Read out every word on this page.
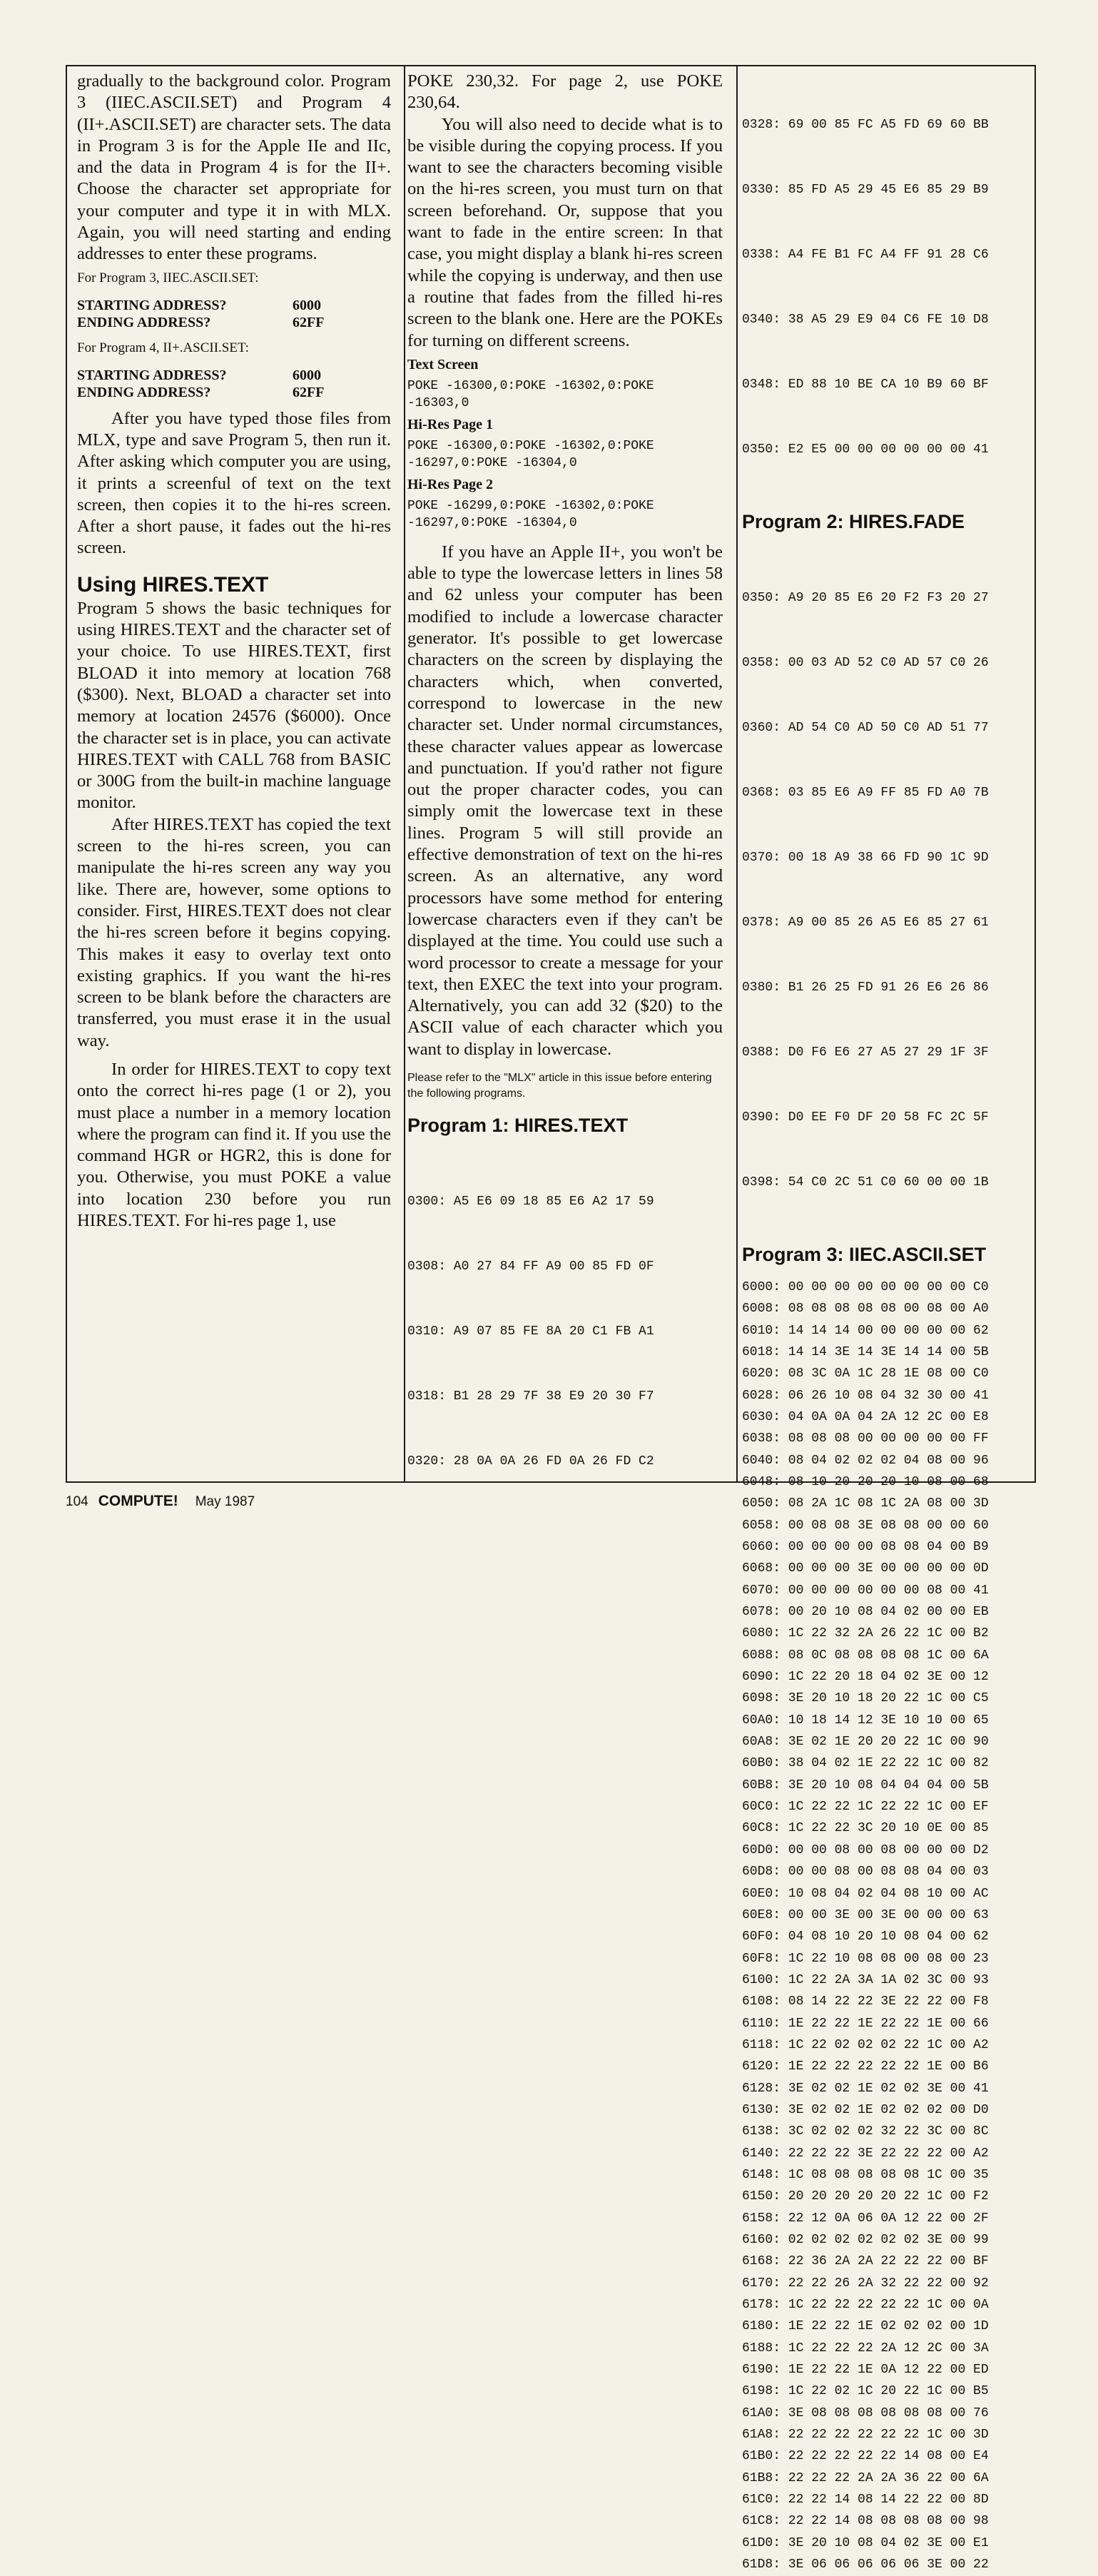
gradually to the background color. Program 3 (IIEC.ASCII.SET) and Program 4 (II+.ASCII.SET) are character sets. The data in Program 3 is for the Apple IIe and IIc, and the data in Program 4 is for the II+. Choose the character set appropriate for your computer and type it in with MLX. Again, you will need starting and ending addresses to enter these programs.

For Program 3, IIEC.ASCII.SET:

STARTING ADDRESS?	6000
ENDING ADDRESS?	62FF

For Program 4, II+.ASCII.SET:

STARTING ADDRESS?	6000
ENDING ADDRESS?	62FF

After you have typed those files from MLX, type and save Program 5, then run it. After asking which computer you are using, it prints a screenful of text on the text screen, then copies it to the hi-res screen. After a short pause, it fades out the hi-res screen.

Using HIRES.TEXT

Program 5 shows the basic techniques for using HIRES.TEXT and the character set of your choice. To use HIRES.TEXT, first BLOAD it into memory at location 768 ($300). Next, BLOAD a character set into memory at location 24576 ($6000). Once the character set is in place, you can activate HIRES.TEXT with CALL 768 from BASIC or 300G from the built-in machine language monitor.

After HIRES.TEXT has copied the text screen to the hi-res screen, you can manipulate the hi-res screen any way you like. There are, however, some options to consider. First, HIRES.TEXT does not clear the hi-res screen before it begins copying. This makes it easy to overlay text onto existing graphics. If you want the hi-res screen to be blank before the characters are transferred, you must erase it in the usual way.

In order for HIRES.TEXT to copy text onto the correct hi-res page (1 or 2), you must place a number in a memory location where the program can find it. If you use the command HGR or HGR2, this is done for you. Otherwise, you must POKE a value into location 230 before you run HIRES.TEXT. For hi-res page 1, use

POKE 230,32. For page 2, use POKE 230,64.

You will also need to decide what is to be visible during the copying process. If you want to see the characters becoming visible on the hi-res screen, you must turn on that screen beforehand. Or, suppose that you want to fade in the entire screen: In that case, you might display a blank hi-res screen while the copying is underway, and then use a routine that fades from the filled hi-res screen to the blank one. Here are the POKEs for turning on different screens.

Text Screen
POKE -16300,0:POKE -16302,0:POKE -16303,0
Hi-Res Page 1
POKE -16300,0:POKE -16302,0:POKE -16297,0:POKE -16304,0
Hi-Res Page 2
POKE -16299,0:POKE -16302,0:POKE -16297,0:POKE -16304,0

If you have an Apple II+, you won't be able to type the lowercase letters in lines 58 and 62 unless your computer has been modified to include a lowercase character generator. It's possible to get lowercase characters on the screen by displaying the characters which, when converted, correspond to lowercase in the new character set. Under normal circumstances, these character values appear as lowercase and punctuation. If you'd rather not figure out the proper character codes, you can simply omit the lowercase text in these lines. Program 5 will still provide an effective demonstration of text on the hi-res screen. As an alternative, any word processors have some method for entering lowercase characters even if they can't be displayed at the time. You could use such a word processor to create a message for your text, then EXEC the text into your program. Alternatively, you can add 32 ($20) to the ASCII value of each character which you want to display in lowercase.

Please refer to the "MLX" article in this issue before entering the following programs.

Program 1: HIRES.TEXT

0300: A5 E6 09 18 85 E6 A2 17 59

0308: A0 27 84 FF A9 00 85 FD 0F

0310: A9 07 85 FE 8A 20 C1 FB A1

0318: B1 28 29 7F 38 E9 20 30 F7

0320: 28 0A 0A 26 FD 0A 26 FD C2

0328: 69 00 85 FC A5 FD 69 60 BB

0330: 85 FD A5 29 45 E6 85 29 B9

0338: A4 FE B1 FC A4 FF 91 28 C6

0340: 38 A5 29 E9 04 C6 FE 10 D8

0348: ED 88 10 BE CA 10 B9 60 BF

0350: E2 E5 00 00 00 00 00 00 41

Program 2: HIRES.FADE

0350: A9 20 85 E6 20 F2 F3 20 27

0358: 00 03 AD 52 C0 AD 57 C0 26

0360: AD 54 C0 AD 50 C0 AD 51 77

0368: 03 85 E6 A9 FF 85 FD A0 7B

0370: 00 18 A9 38 66 FD 90 1C 9D

0378: A9 00 85 26 A5 E6 85 27 61

0380: B1 26 25 FD 91 26 E6 26 86

0388: D0 F6 E6 27 A5 27 29 1F 3F

0390: D0 EE F0 DF 20 58 FC 2C 5F

0398: 54 C0 2C 51 C0 60 00 00 1B

Program 3: IIEC.ASCII.SET
6000: 00 00 00 00 00 00 00 00 C0
6008: 08 08 08 08 08 00 08 00 A0
6010: 14 14 14 00 00 00 00 00 62
6018: 14 14 3E 14 3E 14 14 00 5B
6020: 08 3C 0A 1C 28 1E 08 00 C0
6028: 06 26 10 08 04 32 30 00 41
6030: 04 0A 0A 04 2A 12 2C 00 E8
6038: 08 08 08 00 00 00 00 00 FF
6040: 08 04 02 02 02 04 08 00 96
6048: 08 10 20 20 20 10 08 00 68
6050: 08 2A 1C 08 1C 2A 08 00 3D
6058: 00 08 08 3E 08 08 00 00 60
6060: 00 00 00 00 08 08 04 00 B9
6068: 00 00 00 3E 00 00 00 00 0D
6070: 00 00 00 00 00 00 08 00 41
6078: 00 20 10 08 04 02 00 00 EB
6080: 1C 22 32 2A 26 22 1C 00 B2
6088: 08 0C 08 08 08 08 1C 00 6A
6090: 1C 22 20 18 04 02 3E 00 12
6098: 3E 20 10 18 20 22 1C 00 C5
60A0: 10 18 14 12 3E 10 10 00 65
60A8: 3E 02 1E 20 20 22 1C 00 90
60B0: 38 04 02 1E 22 22 1C 00 82
60B8: 3E 20 10 08 04 04 04 00 5B
60C0: 1C 22 22 1C 22 22 1C 00 EF
60C8: 1C 22 22 3C 20 10 0E 00 85
60D0: 00 00 08 00 08 00 00 00 D2
60D8: 00 00 08 00 08 08 04 00 03
60E0: 10 08 04 02 04 08 10 00 AC
60E8: 00 00 3E 00 3E 00 00 00 63
60F0: 04 08 10 20 10 08 04 00 62
60F8: 1C 22 10 08 08 00 08 00 23
6100: 1C 22 2A 3A 1A 02 3C 00 93
6108: 08 14 22 22 3E 22 22 00 F8
6110: 1E 22 22 1E 22 22 1E 00 66
6118: 1C 22 02 02 02 22 1C 00 A2
6120: 1E 22 22 22 22 22 1E 00 B6
6128: 3E 02 02 1E 02 02 3E 00 41
6130: 3E 02 02 1E 02 02 02 00 D0
6138: 3C 02 02 02 32 22 3C 00 8C
6140: 22 22 22 3E 22 22 22 00 A2
6148: 1C 08 08 08 08 08 1C 00 35
6150: 20 20 20 20 20 22 1C 00 F2
6158: 22 12 0A 06 0A 12 22 00 2F
6160: 02 02 02 02 02 02 3E 00 99
6168: 22 36 2A 2A 22 22 22 00 BF
6170: 22 22 26 2A 32 22 22 00 92
6178: 1C 22 22 22 22 22 1C 00 0A
6180: 1E 22 22 1E 02 02 02 00 1D
6188: 1C 22 22 22 2A 12 2C 00 3A
6190: 1E 22 22 1E 0A 12 22 00 ED
6198: 1C 22 02 1C 20 22 1C 00 B5
61A0: 3E 08 08 08 08 08 08 00 76
61A8: 22 22 22 22 22 22 1C 00 3D
61B0: 22 22 22 22 22 14 08 00 E4
61B8: 22 22 22 2A 2A 36 22 00 6A
61C0: 22 22 14 08 14 22 22 00 8D
61C8: 22 22 14 08 08 08 08 00 98
61D0: 3E 20 10 08 04 02 3E 00 E1
61D8: 3E 06 06 06 06 06 3E 00 22
104 COMPUTE! May 1987
